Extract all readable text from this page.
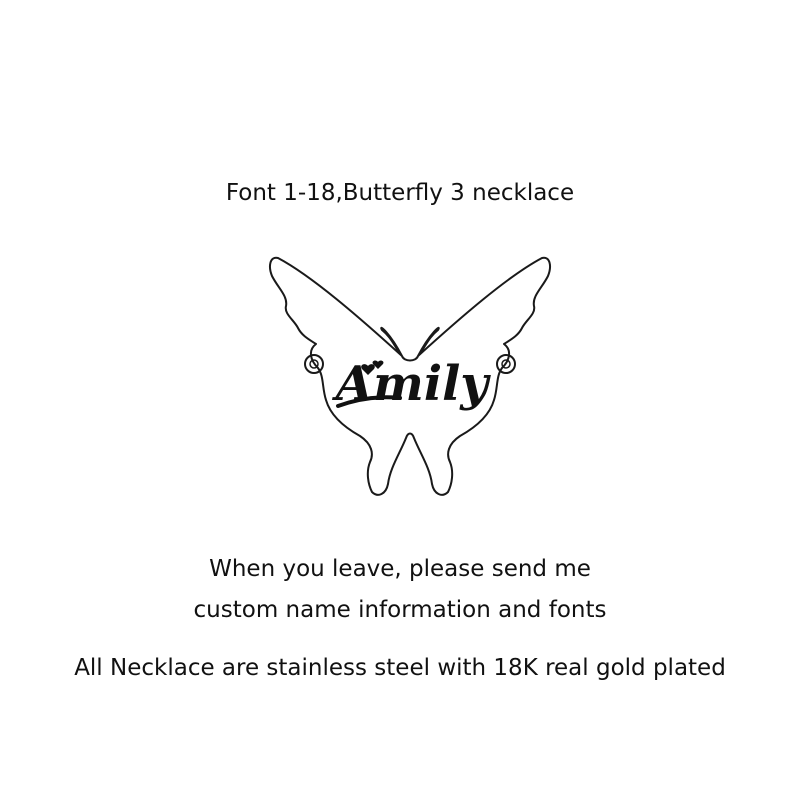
Font 1-18,Butterfly 3 necklace
Amily
When you leave, please send me
custom name information and fonts
All Necklace are stainless steel with 18K real gold plated
